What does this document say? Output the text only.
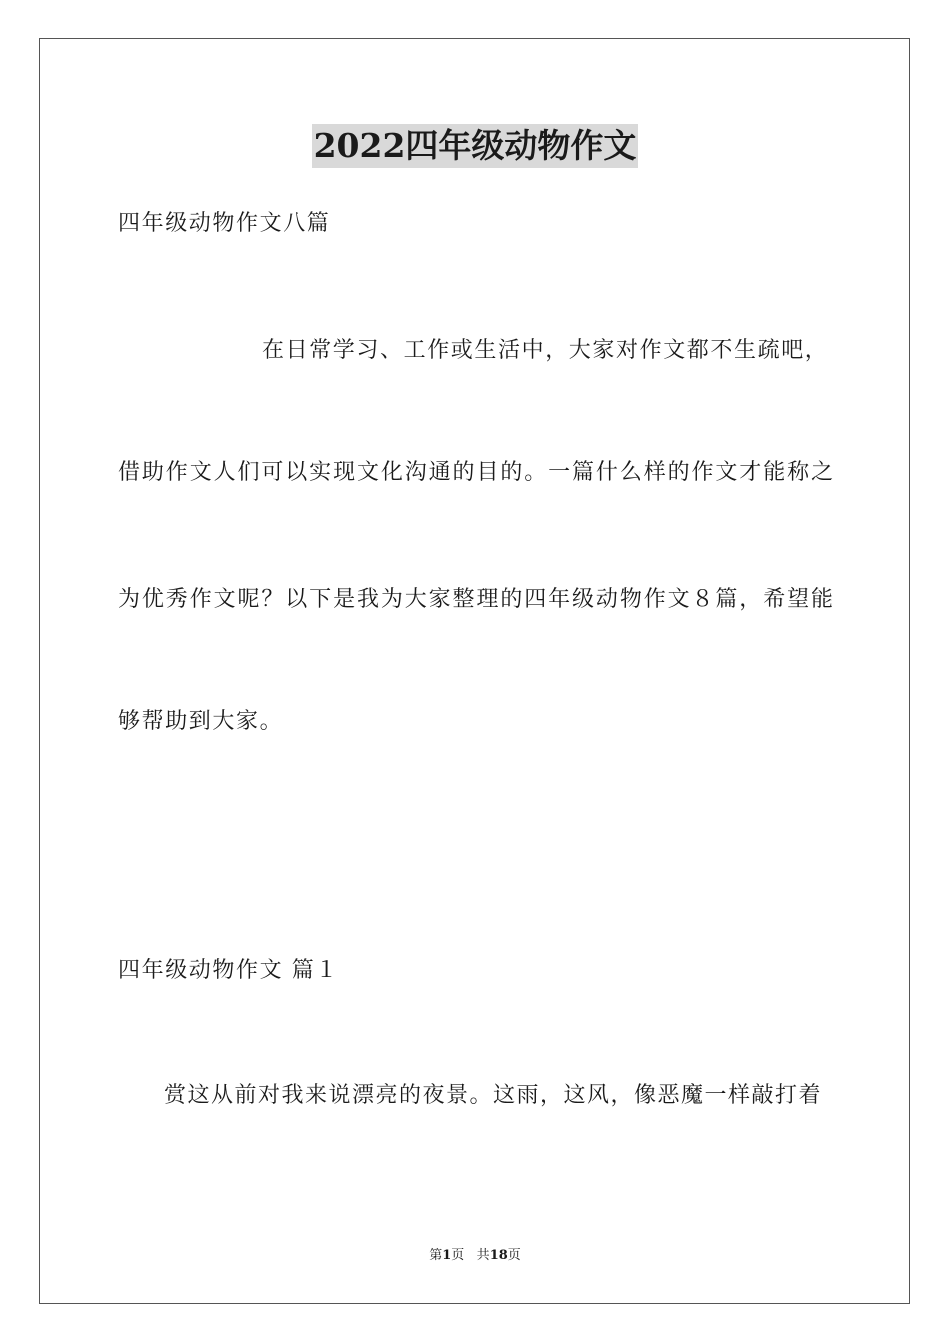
2022四年级动物作文
四年级动物作文八篇
在日常学习、工作或生活中，大家对作文都不生疏吧，
借助作文人们可以实现文化沟通的目的。一篇什么样的作文才能称之
为优秀作文呢？以下是我为大家整理的四年级动物作文８篇，希望能
够帮助到大家。
四年级动物作文 篇１
赏这从前对我来说漂亮的夜景。这雨，这风，像恶魔一样敲打着
第1页 共18页
